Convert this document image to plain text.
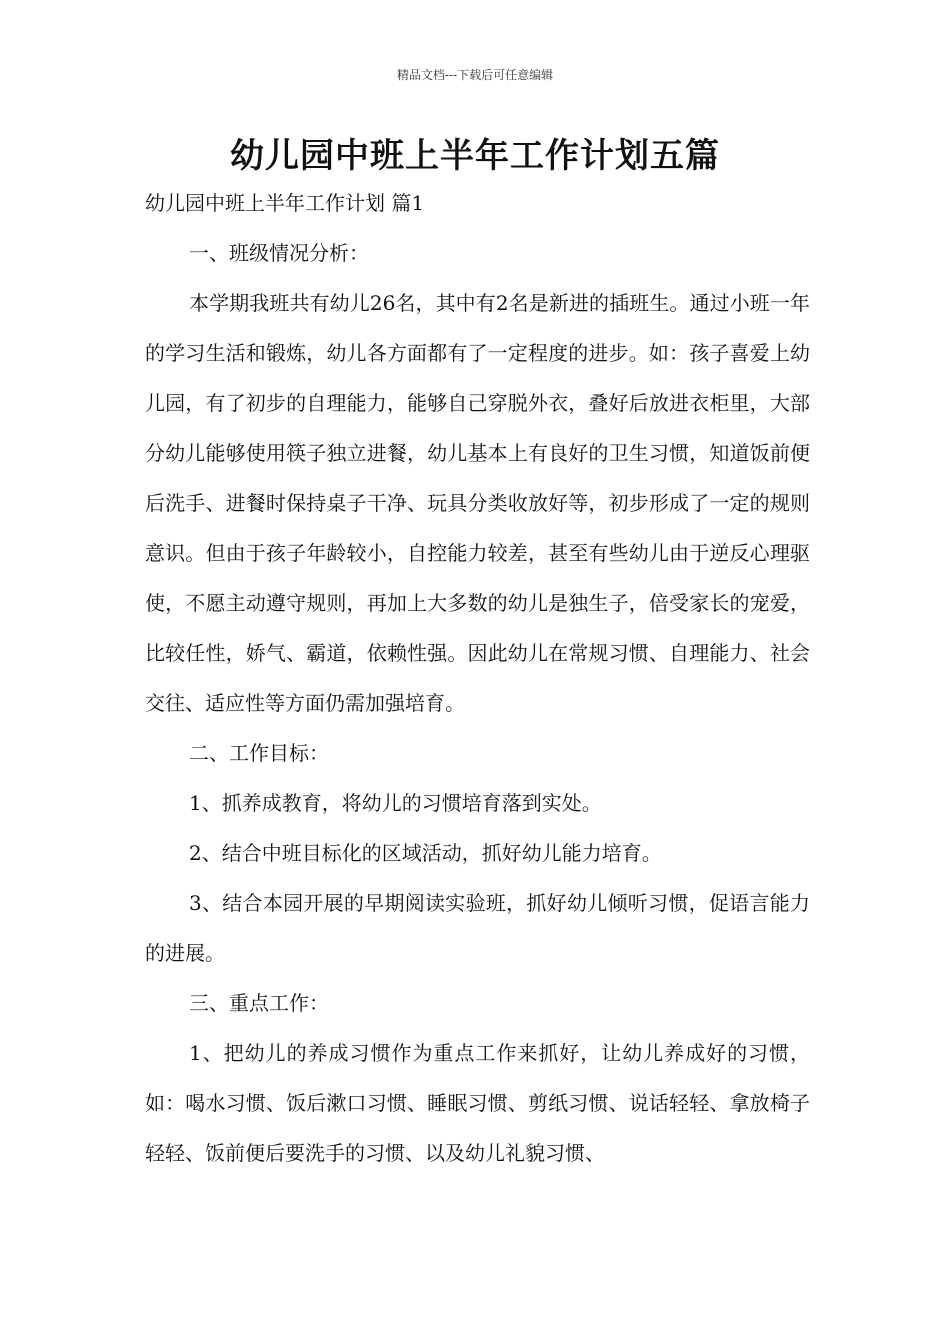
精品文档---下载后可任意编辑
幼儿园中班上半年工作计划五篇

幼儿园中班上半年工作计划 篇1

一、班级情况分析：

本学期我班共有幼儿26名，其中有2名是新进的插班生。通过小班一年的学习生活和锻炼，幼儿各方面都有了一定程度的进步。如：孩子喜爱上幼儿园，有了初步的自理能力，能够自己穿脱外衣，叠好后放进衣柜里，大部分幼儿能够使用筷子独立进餐，幼儿基本上有良好的卫生习惯，知道饭前便后洗手、进餐时保持桌子干净、玩具分类收放好等，初步形成了一定的规则意识。但由于孩子年龄较小，自控能力较差，甚至有些幼儿由于逆反心理驱使，不愿主动遵守规则，再加上大多数的幼儿是独生子，倍受家长的宠爱，比较任性，娇气、霸道，依赖性强。因此幼儿在常规习惯、自理能力、社会交往、适应性等方面仍需加强培育。

二、工作目标：

1、抓养成教育，将幼儿的习惯培育落到实处。

2、结合中班目标化的区域活动，抓好幼儿能力培育。

3、结合本园开展的早期阅读实验班，抓好幼儿倾听习惯，促语言能力的进展。

三、重点工作：

1、把幼儿的养成习惯作为重点工作来抓好，让幼儿养成好的习惯，如：喝水习惯、饭后漱口习惯、睡眠习惯、剪纸习惯、说话轻轻、拿放椅子轻轻、饭前便后要洗手的习惯、以及幼儿礼貌习惯、
